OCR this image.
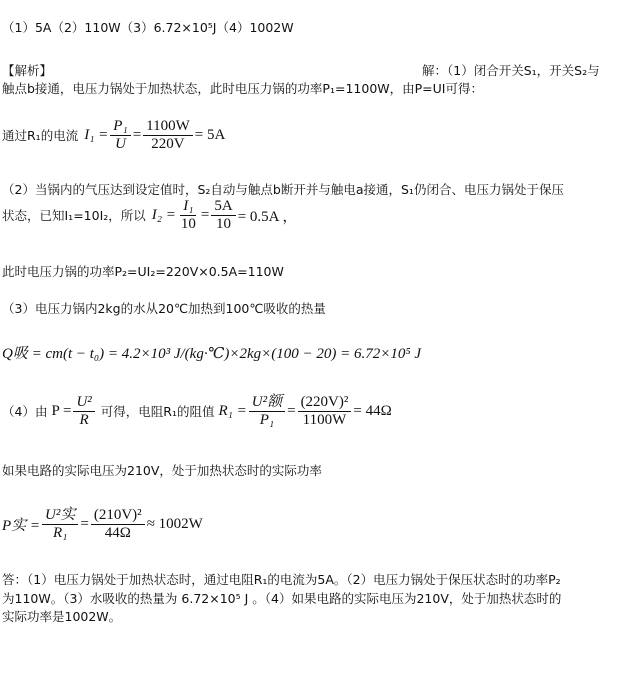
（1）5A（2）110W（3）6.72×10⁵J（4）1002W
【解析】	解：（1）闭合开关S₁，开关S₂与
触点b接通，电压力锅处于加热状态，此时电压力锅的功率P₁=1100W，由P=UI可得：
通过R₁的电流 $I_1 = \frac{\text{P₁}}{U} = \frac{1100W}{220V} = 5A$
（2）当锅内的气压达到设定值时，S₂自动与触点b断开并与触电a接通，S₁仍闭合、电压力锅处于保压
状态，已知I₁=10I₂，所以 $I_2 = \frac{\text{I₁}}{10} = \frac{5A}{10} = 0.5A$ ，
此时电压力锅的功率P₂=UI₂=220V×0.5A=110W
（3）电压力锅内2kg的水从20℃加热到100℃吸收的热量
Q吸 = cm(t − t₀) = 4.2×10³ J/(kg·℃)×2kg×(100 − 20) = 6.72×10⁵ J
（4）由 $P = \frac{\text{U²}}{R}$ 可得，电阻R₁的阻值 $R_1 = \frac{\text{U²额}}{\text{P₁}} = \frac{\text{(220V)²}}{1100W} = 44\Omega$
如果电路的实际电压为210V，处于加热状态时的实际功率
P实 = $\frac{\text{U²实}}{\text{R₁}} = \frac{\text{(210V)²}}{44\Omega} \approx 1002W$
答：（1）电压力锅处于加热状态时，通过电阻R₁的电流为5A。（2）电压力锅处于保压状态时的功率P₂
为110W。（3）水吸收的热量为 6.72×10⁵ J 。（4）如果电路的实际电压为210V，处于加热状态时的
实际功率是1002W。
